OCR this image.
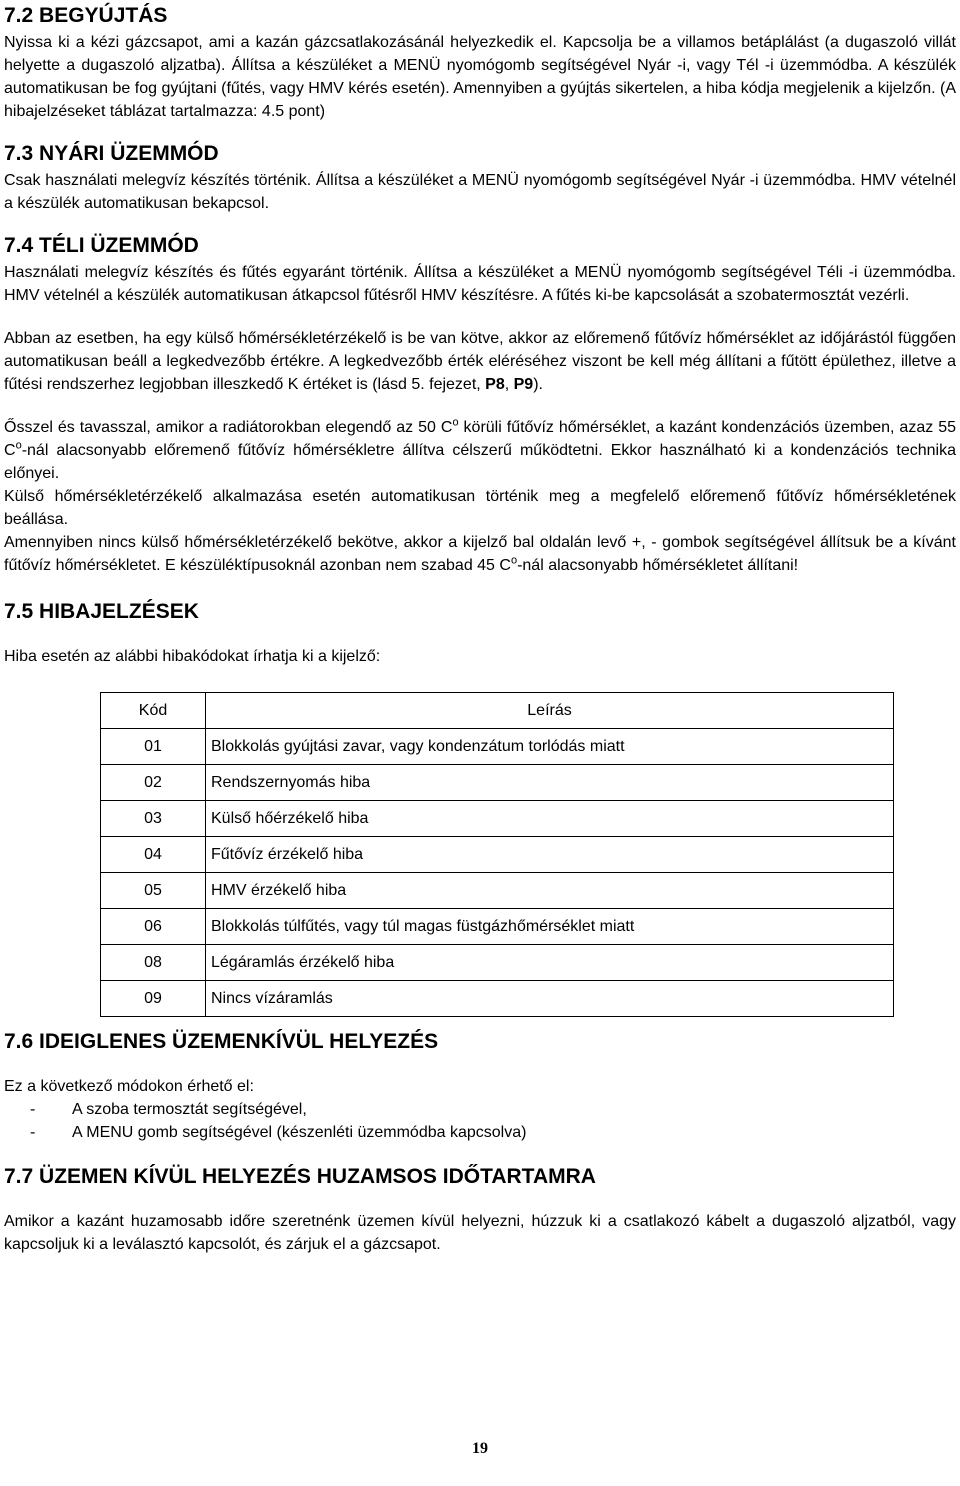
7.2 BEGYÚJTÁS

Nyissa ki a kézi gázcsapot, ami a kazán gázcsatlakozásánál helyezkedik el. Kapcsolja be a villamos betáplálást (a dugaszoló villát helyette a dugaszoló aljzatba). Állítsa a készüléket a MENÜ nyomógomb segítségével Nyár -i, vagy Tél -i üzemmódba. A készülék automatikusan be fog gyújtani (fűtés, vagy HMV kérés esetén). Amennyiben a gyújtás sikertelen, a hiba kódja megjelenik a kijelzőn. (A hibajelzéseket táblázat tartalmazza: 4.5 pont)

7.3 NYÁRI ÜZEMMÓD

Csak használati melegvíz készítés történik. Állítsa a készüléket a MENÜ nyomógomb segítségével Nyár -i üzemmódba. HMV vételnél a készülék automatikusan bekapcsol.

7.4 TÉLI ÜZEMMÓD

Használati melegvíz készítés és fűtés egyaránt történik. Állítsa a készüléket a MENÜ nyomógomb segítségével Téli -i üzemmódba. HMV vételnél a készülék automatikusan átkapcsol fűtésről HMV készítésre. A fűtés ki-be kapcsolását a szobatermosztát vezérli.

Abban az esetben, ha egy külső hőmérsékletérzékelő is be van kötve, akkor az előremenő fűtővíz hőmérséklet az időjárástól függően automatikusan beáll a legkedvezőbb értékre. A legkedvezőbb érték eléréséhez viszont be kell még állítani a fűtött épülethez, illetve a fűtési rendszerhez legjobban illeszkedő K értéket is (lásd 5. fejezet, P8, P9).

Ősszel és tavasszal, amikor a radiátorokban elegendő az 50 $C^o$ körüli fűtővíz hőmérséklet, a kazánt kondenzációs üzemben, azaz 55 $C^o$-nál alacsonyabb előremenő fűtővíz hőmérsékletre állítva célszerű működtetni. Ekkor használható ki a kondenzációs technika előnyei.

Külső hőmérsékletérzékelő alkalmazása esetén automatikusan történik meg a megfelelő előremenő fűtővíz hőmérsékletének beállása.

Amennyiben nincs külső hőmérsékletérzékelő bekötve, akkor a kijelző bal oldalán levő +, - gombok segítségével állítsuk be a kívánt fűtővíz hőmérsékletet. E készüléktípusoknál azonban nem szabad 45 $C^o$-nál alacsonyabb hőmérsékletet állítani!

7.5 HIBAJELZÉSEK

Hiba esetén az alábbi hibakódokat írhatja ki a kijelző:

Kód	Leírás
01	Blokkolás gyújtási zavar, vagy kondenzátum torlódás miatt
02	Rendszernyomás hiba
03	Külső hőérzékelő hiba
04	Fűtővíz érzékelő hiba
05	HMV érzékelő hiba
06	Blokkolás túlfűtés, vagy túl magas füstgázhőmérséklet miatt
08	Légáramlás érzékelő hiba
09	Nincs vízáramlás
7.6 IDEIGLENES ÜZEMENKÍVÜL HELYEZÉS

Ez a következő módokon érhető el:

- A szoba termosztát segítségével,
- A MENU gomb segítségével (készenléti üzemmódba kapcsolva)
7.7 ÜZEMEN KÍVÜL HELYEZÉS HUZAMSOS IDŐTARTAMRA

Amikor a kazánt huzamosabb időre szeretnénk üzemen kívül helyezni, húzzuk ki a csatlakozó kábelt a dugaszoló aljzatból, vagy kapcsoljuk ki a leválasztó kapcsolót, és zárjuk el a gázcsapot.

19
